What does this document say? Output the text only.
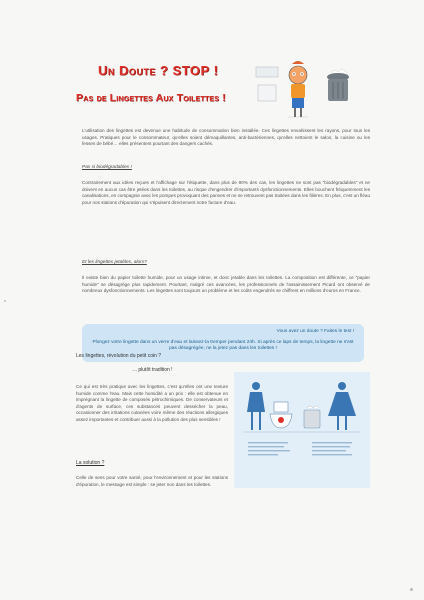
Un Doute ? STOP !
Pas de Lingettes Aux Toilettes !
L'utilisation des lingettes est devenue une habitude de consommation bien installée. Ces lingettes envahissent les rayons, pour tous les usages. Pratiques pour le consommateur, qu'elles soient démaquillantes, anti-bactériennes, qu'elles nettoient le salon, la cuisine ou les fesses de bébé… elles présentent pourtant des dangers cachés.
Pas si biodégradables !
Contrairement aux idées reçues et l'affichage sur l'étiquette, dans plus de 90% des cas, les lingettes ne sont pas "biodégradables" et ne doivent en aucun cas être jetées dans les toilettes, au risque d'engendrer d'importants dysfonctionnements. Elles bouchent fréquemment les canalisations, en compagnie avec les pompes provoquant des pannes et ne se retrouvent pas traitées dans les filières. En plus, c'est un fléau pour nos stations d'épuration qui s'épuisent directement notre facture d'eau.
Et les lingettes jetables, alors?
Il existe bien du papier toilette humide, pour un usage intime, et donc jetable dans les toilettes. La composition est différente, ce "papier humide" se désagrège plus rapidement. Pourtant, malgré ces avancées, les professionnels de l'assainissement Picard ont observé de nombreux dysfonctionnements. Les lingettes sont toujours un problème et les coûts engendrés se chiffrent en millions d'euros en France.
Vous avez un doute ? Faites le test !
Plongez votre lingette dans un verre d'eau et laissez-la tremper pendant 24h. Si après ce laps de temps, la lingette ne s'est pas désagrégée, ne la jetez pas dans les toilettes !
Les lingettes, révolution du petit coin ?
… plutôt tradition !
Ce qui est très pratique avec les lingettes, c'est qu'elles ont une texture humide comme l'eau. Mais cette humidité a un prix : elle est obtenue en imprégnant la lingette de composés pétrochimiques. De conservateurs et d'agents de surface, ces substances peuvent dessécher la peau, occasionner des irritations cutanées voire même des réactions allergiques assez importantes et contribuer aussi à la pollution des plus sensibles !
La solution ?
Celle de sens pour votre santé, pour l'environnement et pour les stations d'épuration, le message est simple : se jeter non dans les toilettes.
